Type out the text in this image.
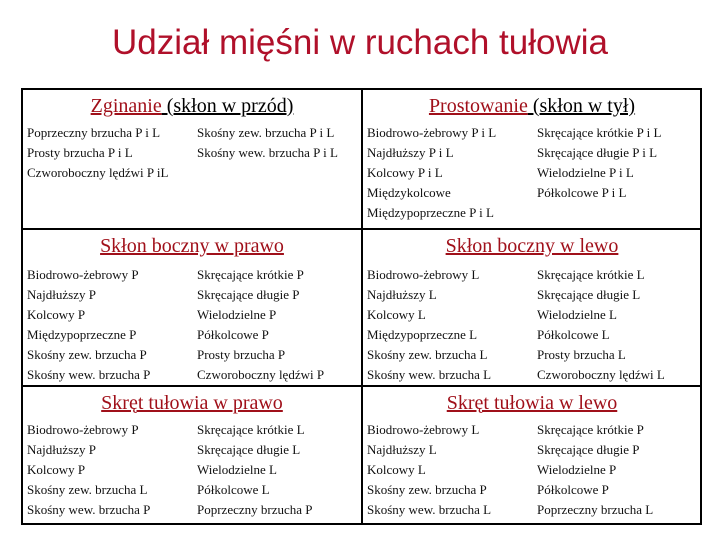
Udział mięśni w ruchach tułowia
Zginanie (skłon w przód)
Poprzeczny brzucha P i L
Prosty brzucha P i L
Czworoboczny lędźwi P iL
Skośny zew. brzucha P i L
Skośny wew. brzucha P i L
Prostowanie (skłon w tył)
Biodrowo-żebrowy P i L
Najdłuższy P i L
Kolcowy P i L
Międzykolcowe
Międzypoprzeczne P i L
Skręcające krótkie P i L
Skręcające długie P i L
Wielodzielne P i L
Półkolcowe P i L
Skłon boczny w prawo
Biodrowo-żebrowy P
Najdłuższy P
Kolcowy P
Międzypoprzeczne P
Skośny zew. brzucha P
Skośny wew. brzucha P
Skręcające krótkie P
Skręcające długie P
Wielodzielne P
Półkolcowe P
Prosty brzucha P
Czworoboczny lędźwi P
Skłon boczny w lewo
Biodrowo-żebrowy L
Najdłuższy L
Kolcowy L
Międzypoprzeczne L
Skośny zew. brzucha L
Skośny wew. brzucha L
Skręcające krótkie L
Skręcające długie L
Wielodzielne L
Półkolcowe L
Prosty brzucha L
Czworoboczny lędźwi L
Skręt tułowia w prawo
Biodrowo-żebrowy P
Najdłuższy P
Kolcowy P
Skośny zew. brzucha L
Skośny wew. brzucha P
Skręcające krótkie L
Skręcające długie L
Wielodzielne L
Półkolcowe L
Poprzeczny brzucha P
Skręt tułowia w lewo
Biodrowo-żebrowy L
Najdłuższy L
Kolcowy L
Skośny zew. brzucha P
Skośny wew. brzucha L
Skręcające krótkie P
Skręcające długie P
Wielodzielne P
Półkolcowe P
Poprzeczny brzucha L
